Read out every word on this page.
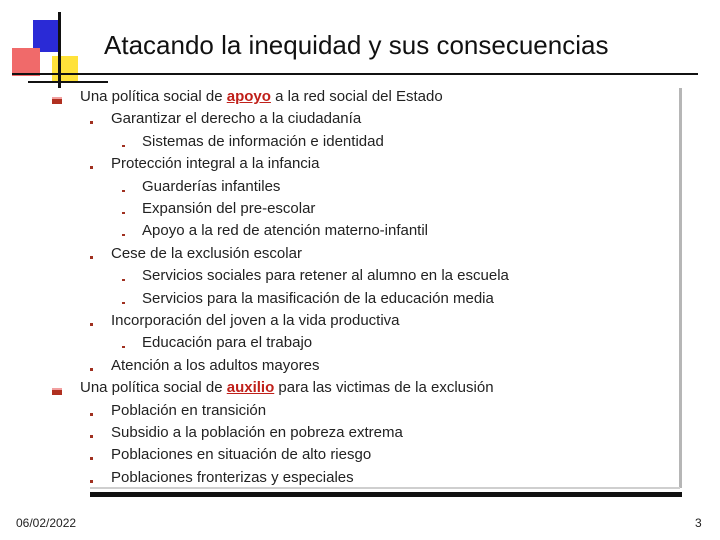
Atacando la inequidad y sus consecuencias
Una política social de apoyo a la red social del Estado
Garantizar el derecho a la ciudadanía
Sistemas de información e identidad
Protección integral a la infancia
Guarderías infantiles
Expansión del pre-escolar
Apoyo a la red de atención materno-infantil
Cese de la exclusión escolar
Servicios sociales para retener al alumno en la escuela
Servicios para la masificación de la educación media
Incorporación del joven a la vida productiva
Educación para el trabajo
Atención a los adultos mayores
Una política social de auxilio para las victimas de la exclusión
Población en transición
Subsidio a la población en pobreza extrema
Poblaciones en situación de alto riesgo
Poblaciones fronterizas y especiales
06/02/2022	3
